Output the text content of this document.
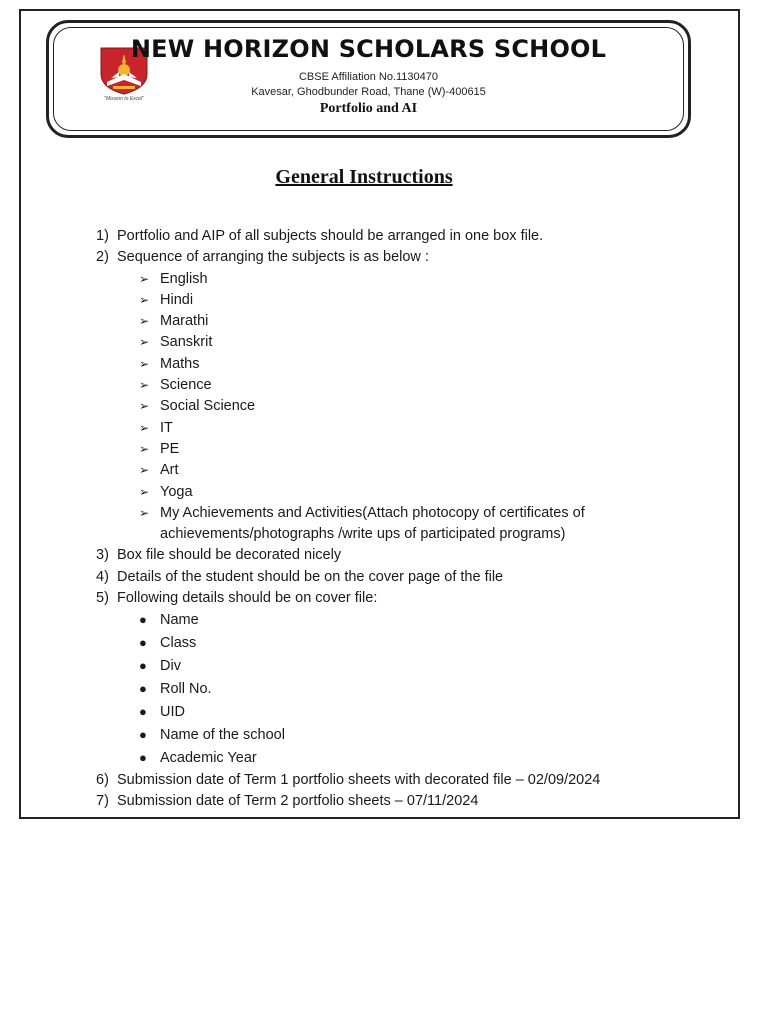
"Mission to Excel"
NEW HORIZON SCHOLARS SCHOOL
CBSE Affiliation No.1130470
Kavesar, Ghodbunder Road, Thane (W)-400615
Portfolio and AI
General Instructions
1) Portfolio and AIP of all subjects should be arranged in one box file.
2) Sequence of arranging the subjects is as below :
➢ English
➢ Hindi
➢ Marathi
➢ Sanskrit
➢ Maths
➢ Science
➢ Social Science
➢ IT
➢ PE
➢ Art
➢ Yoga
➢ My Achievements and Activities(Attach photocopy of certificates of
achievements/photographs /write ups of participated programs)
3) Box file should be decorated nicely
4) Details of the student should be on the cover page of the file
5) Following details should be on cover file:
● Name
● Class
● Div
● Roll No.
● UID
● Name of the school
● Academic Year
6) Submission date of Term 1 portfolio sheets with decorated file – 02/09/2024
7) Submission date of Term 2 portfolio sheets – 07/11/2024
